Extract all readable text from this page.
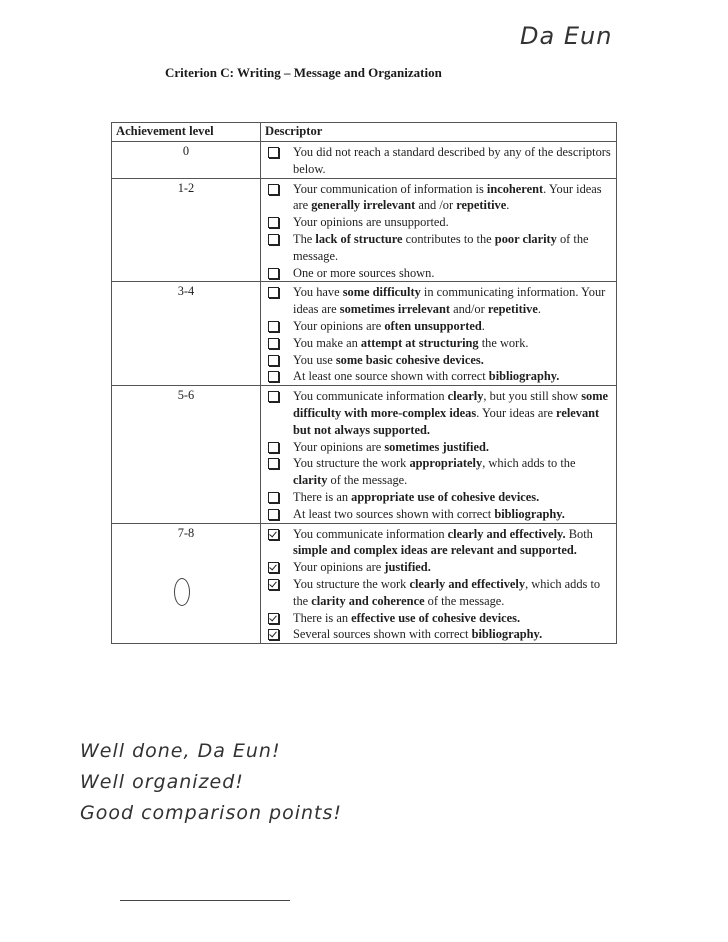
Da Eun
Criterion C: Writing – Message and Organization
Achievement level	Descriptor
0	You did not reach a standard described by any of the descriptors below.

1-2	Your communication of information is incoherent. Your ideas are generally irrelevant and /or repetitive.
Your opinions are unsupported.
The lack of structure contributes to the poor clarity of the message.
One or more sources shown.

3-4	You have some difficulty in communicating information. Your ideas are sometimes irrelevant and/or repetitive.
Your opinions are often unsupported.
You make an attempt at structuring the work.
You use some basic cohesive devices.
At least one source shown with correct bibliography.

5-6	You communicate information clearly, but you still show some difficulty with more-complex ideas. Your ideas are relevant but not always supported.
Your opinions are sometimes justified.
You structure the work appropriately, which adds to the clarity of the message.
There is an appropriate use of cohesive devices.
At least two sources shown with correct bibliography.

7-8	You communicate information clearly and effectively. Both simple and complex ideas are relevant and supported.
Your opinions are justified.
You structure the work clearly and effectively, which adds to the clarity and coherence of the message.
There is an effective use of cohesive devices.
Several sources shown with correct bibliography.
Well done, Da Eun!
Well organized!
Good comparison points!
